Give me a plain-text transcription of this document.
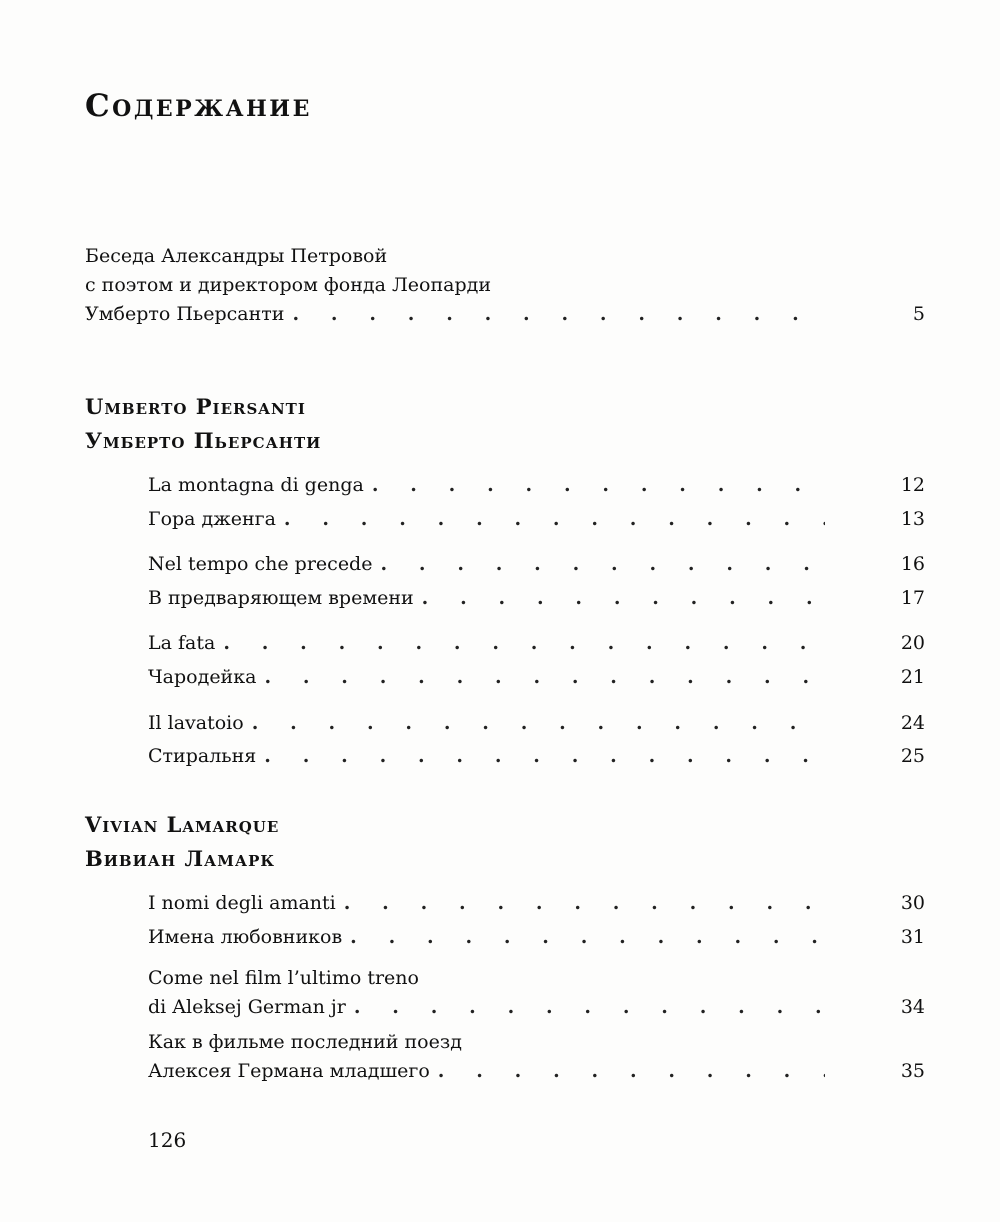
Содержание
Беседа Александры Петровой
с поэтом и директором фонда Леопарди
Умберто Пьерсанти . . .	5
Umberto Piersanti
Умберто Пьерсанти
La montagna di genga . . .	12
Гора дженга . . .	13
Nel tempo che precede . . .	16
В предваряющем времени . . .	17
La fata . . .	20
Чародейка . . .	21
Il lavatoio . . .	24
Стиральня . . .	25
Vivian Lamarque
Вивиан Ламарк
I nomi degli amanti . . .	30
Имена любовников . . .	31
Come nel film l’ultimo treno
di Aleksej German jr . . .	34
Как в фильме последний поезд
Алексея Германа младшего . . .	35
126
